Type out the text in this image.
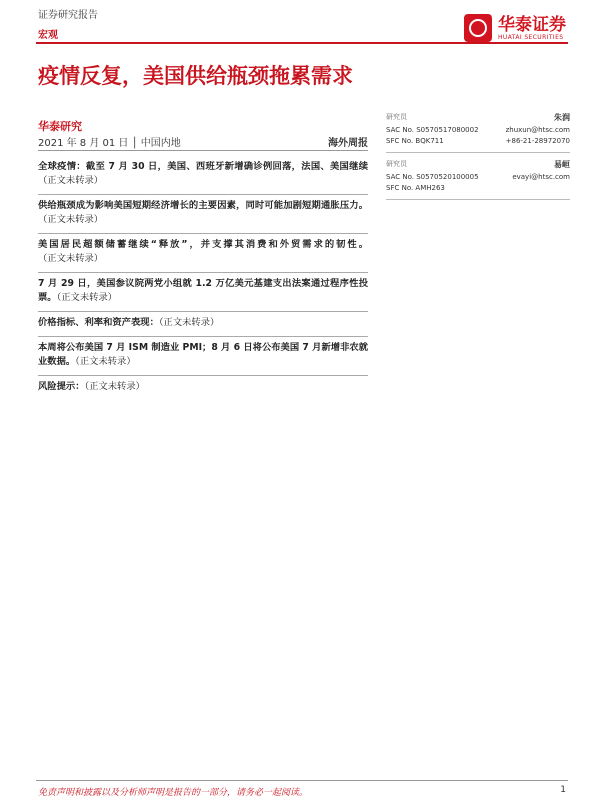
证券研究报告
宏观
华泰证券
HUATAI SECURITIES
疫情反复，美国供给瓶颈拖累需求
华泰研究
2021 年 8 月 01 日 │ 中国内地	海外周报
研究员	朱润
SAC No. S0570517080002	zhuxun@htsc.com
SFC No. BQK711	+86-21-28972070
研究员	易峘
SAC No. S0570520100005	evayi@htsc.com
SFC No. AMH263
全球疫情：截至 7 月 30 日，美国、西班牙新增确诊例回落，法国、美国继续（正文未转录）
供给瓶颈成为影响美国短期经济增长的主要因素，同时可能加剧短期通胀压力。（正文未转录）
美国居民超额储蓄继续“释放”，并支撑其消费和外贸需求的韧性。（正文未转录）
7 月 29 日，美国参议院两党小组就 1.2 万亿美元基建支出法案通过程序性投票。（正文未转录）
价格指标、利率和资产表现：（正文未转录）
本周将公布美国 7 月 ISM 制造业 PMI；8 月 6 日将公布美国 7 月新增非农就业数据。（正文未转录）
风险提示：（正文未转录）
免责声明和披露以及分析师声明是报告的一部分，请务必一起阅读。	1
